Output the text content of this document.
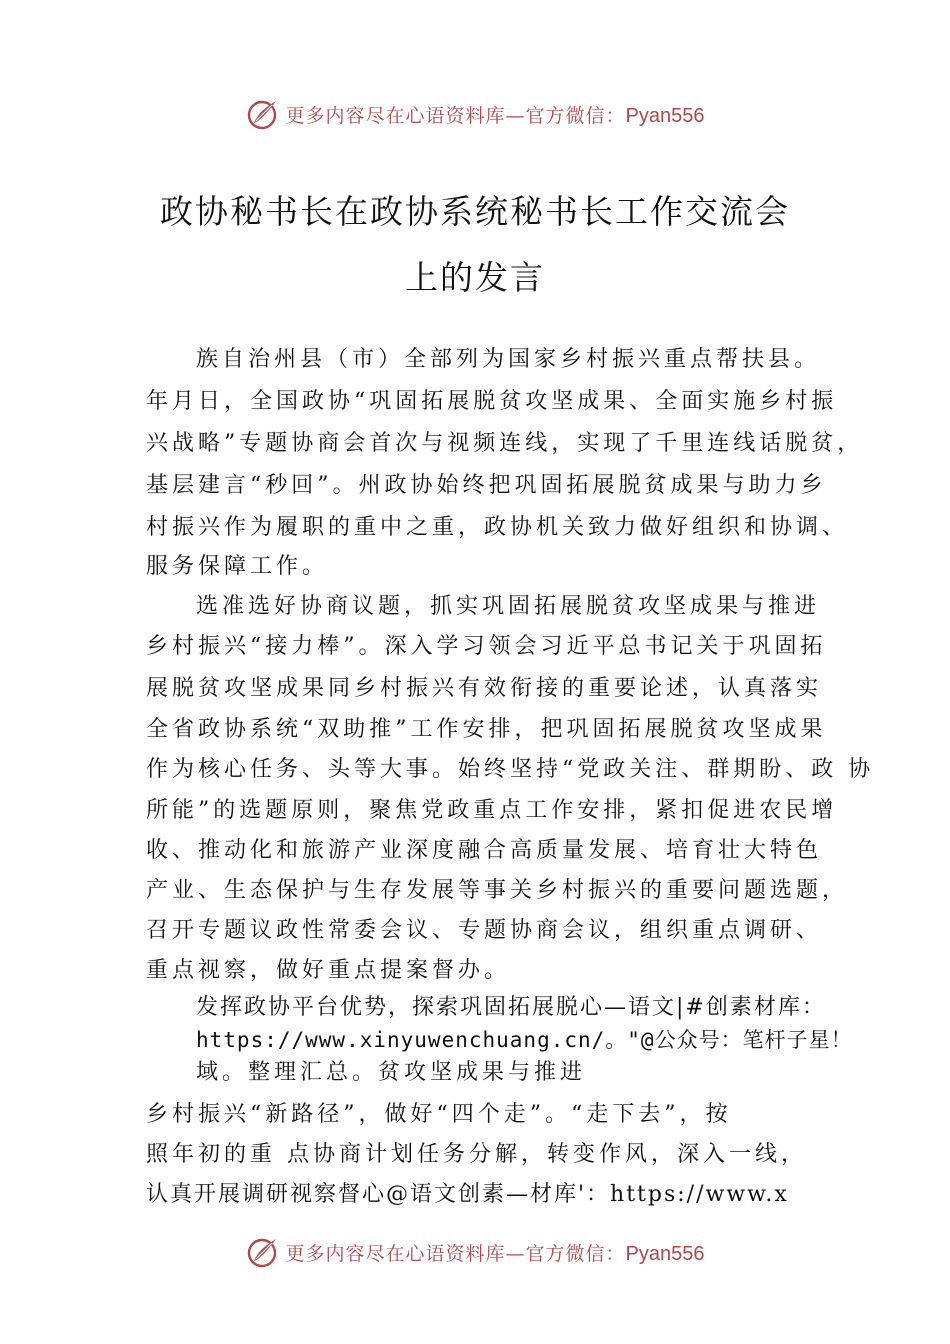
更多内容尽在心语资料库—官方微信：Pyan556
政协秘书长在政协系统秘书长工作交流会
上的发言
族自治州县（市）全部列为国家乡村振兴重点帮扶县。
年月日，全国政协“巩固拓展脱贫攻坚成果、全面实施乡村振
兴战略”专题协商会首次与视频连线，实现了千里连线话脱贫，
基层建言“秒回”。州政协始终把巩固拓展脱贫成果与助力乡
村振兴作为履职的重中之重，政协机关致力做好组织和协调、
服务保障工作。
选准选好协商议题，抓实巩固拓展脱贫攻坚成果与推进
乡村振兴“接力棒”。深入学习领会习近平总书记关于巩固拓
展脱贫攻坚成果同乡村振兴有效衔接的重要论述，认真落实
全省政协系统“双助推”工作安排，把巩固拓展脱贫攻坚成果
作为核心任务、头等大事。始终坚持“党政关注、群期盼、政 协
所能”的选题原则，聚焦党政重点工作安排，紧扣促进农民增
收、推动化和旅游产业深度融合高质量发展、培育壮大特色
产业、生态保护与生存发展等事关乡村振兴的重要问题选题，
召开专题议政性常委会议、专题协商会议，组织重点调研、
重点视察，做好重点提案督办。
发挥政协平台优势，探索巩固拓展脱心—语文|#创素材库：
https://www.xinyuwenchuang.cn/。"@公众号：笔杆子星！
域。整理汇总。贫攻坚成果与推进
乡村振兴“新路径”，做好“四个走”。“走下去”，按
照年初的重 点协商计划任务分解，转变作风，深入一线，
认真开展调研视察督心@语文创素—材库'：https://www.x
更多内容尽在心语资料库—官方微信：Pyan556
